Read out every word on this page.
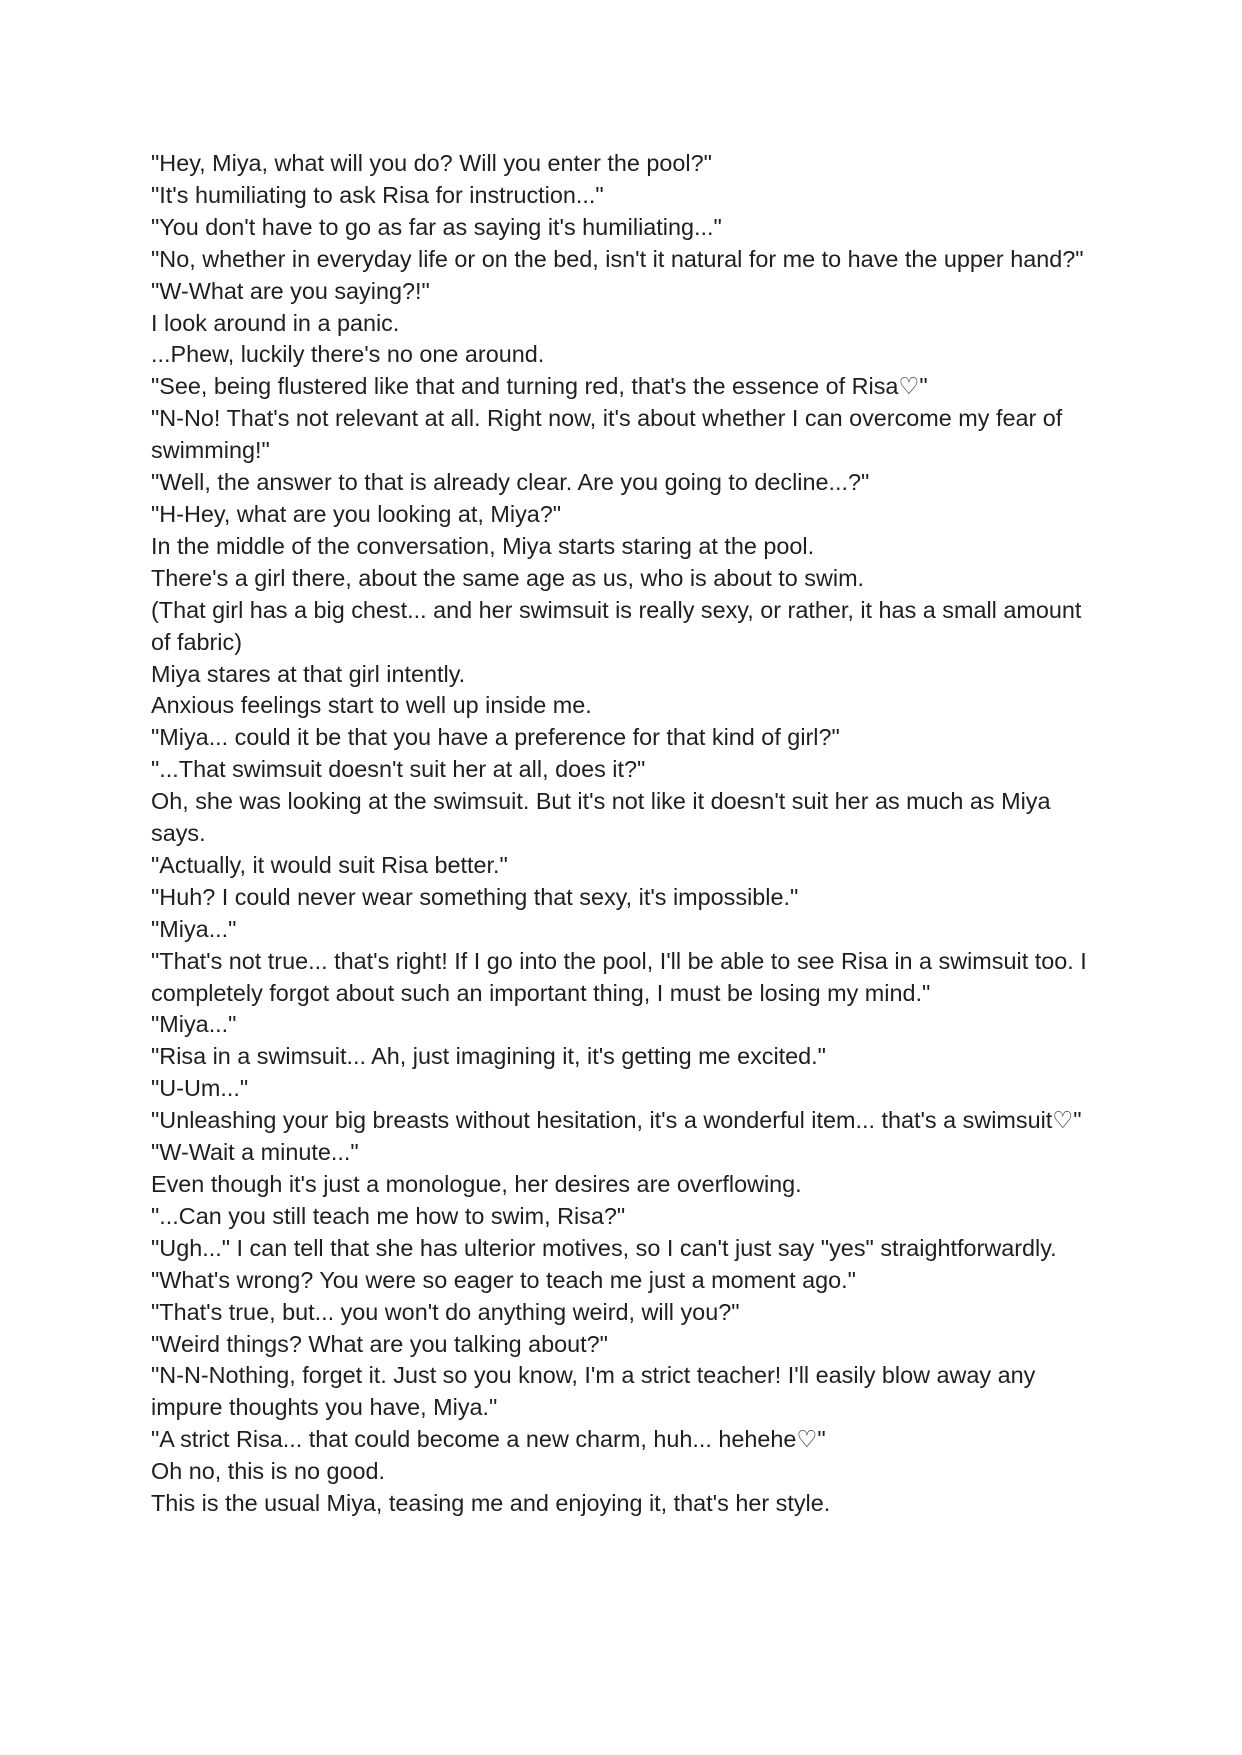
"Hey, Miya, what will you do? Will you enter the pool?"

"It's humiliating to ask Risa for instruction..."

"You don't have to go as far as saying it's humiliating..."

"No, whether in everyday life or on the bed, isn't it natural for me to have the upper hand?"

"W-What are you saying?!"

I look around in a panic.

...Phew, luckily there's no one around.

"See, being flustered like that and turning red, that's the essence of Risa♡"

"N-No! That's not relevant at all. Right now, it's about whether I can overcome my fear of swimming!"

"Well, the answer to that is already clear. Are you going to decline...?"

"H-Hey, what are you looking at, Miya?"

In the middle of the conversation, Miya starts staring at the pool.

There's a girl there, about the same age as us, who is about to swim.

(That girl has a big chest... and her swimsuit is really sexy, or rather, it has a small amount of fabric)

Miya stares at that girl intently.

Anxious feelings start to well up inside me.

"Miya... could it be that you have a preference for that kind of girl?"

"...That swimsuit doesn't suit her at all, does it?"

Oh, she was looking at the swimsuit. But it's not like it doesn't suit her as much as Miya says.

"Actually, it would suit Risa better."

"Huh? I could never wear something that sexy, it's impossible."

"Miya..."

"That's not true... that's right! If I go into the pool, I'll be able to see Risa in a swimsuit too. I completely forgot about such an important thing, I must be losing my mind."

"Miya..."

"Risa in a swimsuit... Ah, just imagining it, it's getting me excited."

"U-Um..."

"Unleashing your big breasts without hesitation, it's a wonderful item... that's a swimsuit♡"

"W-Wait a minute..."

Even though it's just a monologue, her desires are overflowing.

"...Can you still teach me how to swim, Risa?"

"Ugh..." I can tell that she has ulterior motives, so I can't just say "yes" straightforwardly.

"What's wrong? You were so eager to teach me just a moment ago."

"That's true, but... you won't do anything weird, will you?"

"Weird things? What are you talking about?"

"N-N-Nothing, forget it. Just so you know, I'm a strict teacher! I'll easily blow away any impure thoughts you have, Miya."

"A strict Risa... that could become a new charm, huh... hehehe♡"

Oh no, this is no good.

This is the usual Miya, teasing me and enjoying it, that's her style.
